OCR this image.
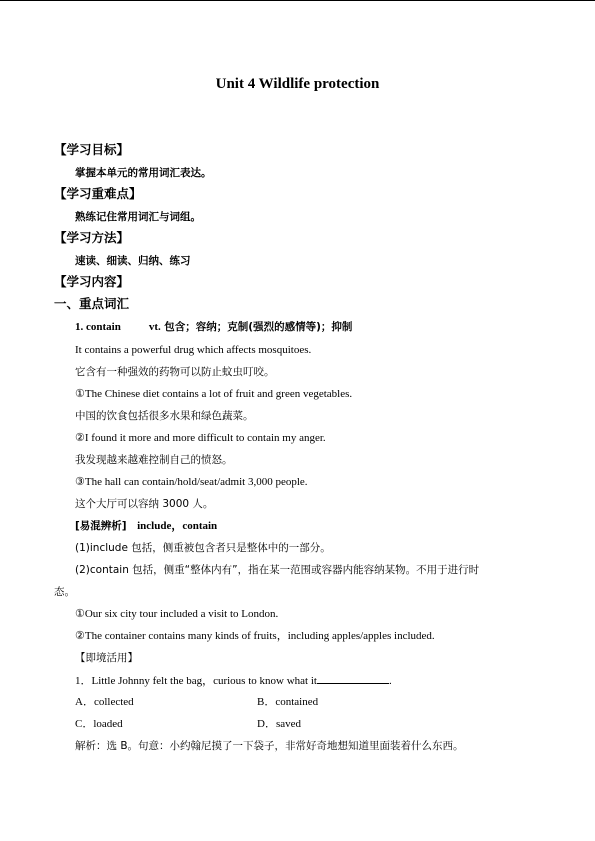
Unit 4 Wildlife protection
【学习目标】
掌握本单元的常用词汇表达。
【学习重难点】
熟练记住常用词汇与词组。
【学习方法】
速读、细读、归纳、练习
【学习内容】
一、重点词汇
1. contain	vt. 包含；容纳；克制(强烈的感情等)；抑制
It contains a powerful drug which affects mosquitoes.
它含有一种强效的药物可以防止蚊虫叮咬。
①The Chinese diet contains a lot of fruit and green vegetables.
中国的饮食包括很多水果和绿色蔬菜。
②I found it more and more difficult to contain my anger.
我发现越来越难控制自己的愤怒。
③The hall can contain/hold/seat/admit 3,000 people.
这个大厅可以容纳 3000 人。
[易混辨析] include，contain
(1)include 包括，侧重被包含者只是整体中的一部分。
(2)contain 包括，侧重“整体内有”，指在某一范围或容器内能容纳某物。不用于进行时
态。
①Our six city tour included a visit to London.
②The container contains many kinds of fruits，including apples/apples included.
【即境活用】
1．Little Johnny felt the bag，curious to know what it	.
A．collected	B．contained
C．loaded	D．saved
解析：选 B。句意：小约翰尼摸了一下袋子，非常好奇地想知道里面装着什么东西。
